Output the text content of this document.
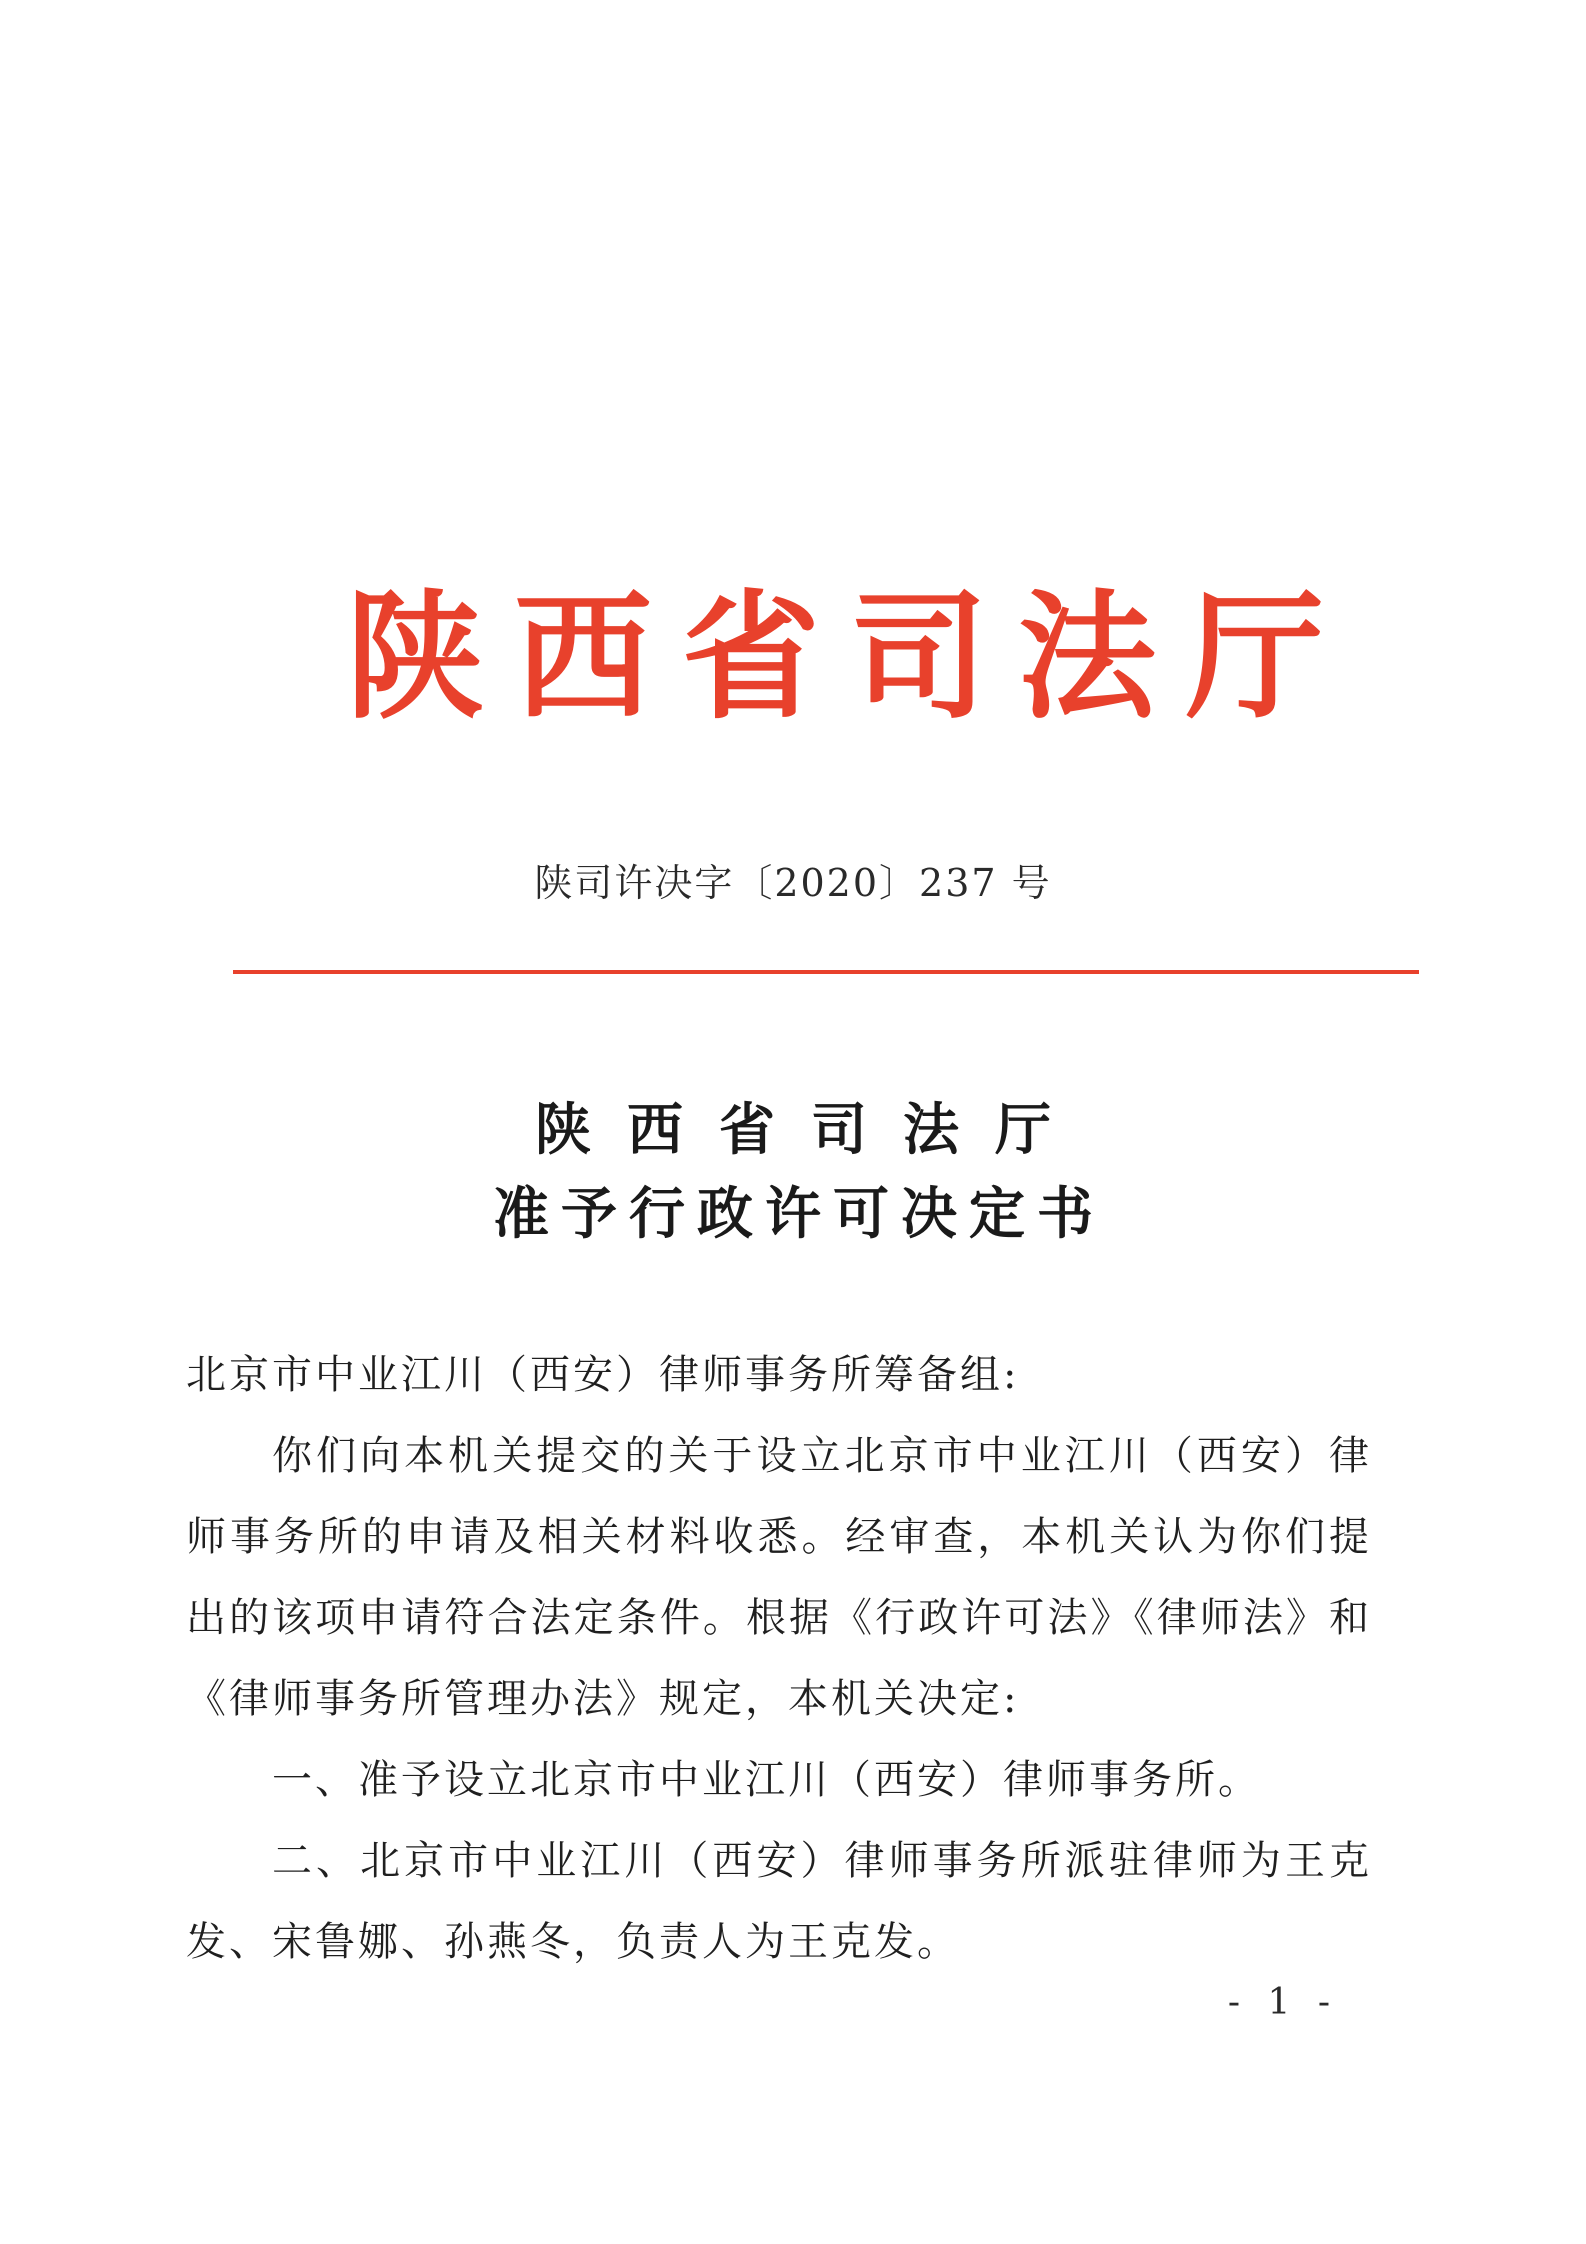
陕 西 省 司 法 厅
陕司许决字〔2020〕237 号
陕西省司法厅
准予行政许可决定书

北京市中业江川（西安）律师事务所筹备组:

你们向本机关提交的关于设立北京市中业江川（西安）律师事务所的申请及相关材料收悉。经审查，本机关认为你们提出的该项申请符合法定条件。根据《行政许可法》《律师法》和《律师事务所管理办法》规定，本机关决定:

一、准予设立北京市中业江川（西安）律师事务所。

二、北京市中业江川（西安）律师事务所派驻律师为王克发、宋鲁娜、孙燕冬，负责人为王克发。

- 1 -
